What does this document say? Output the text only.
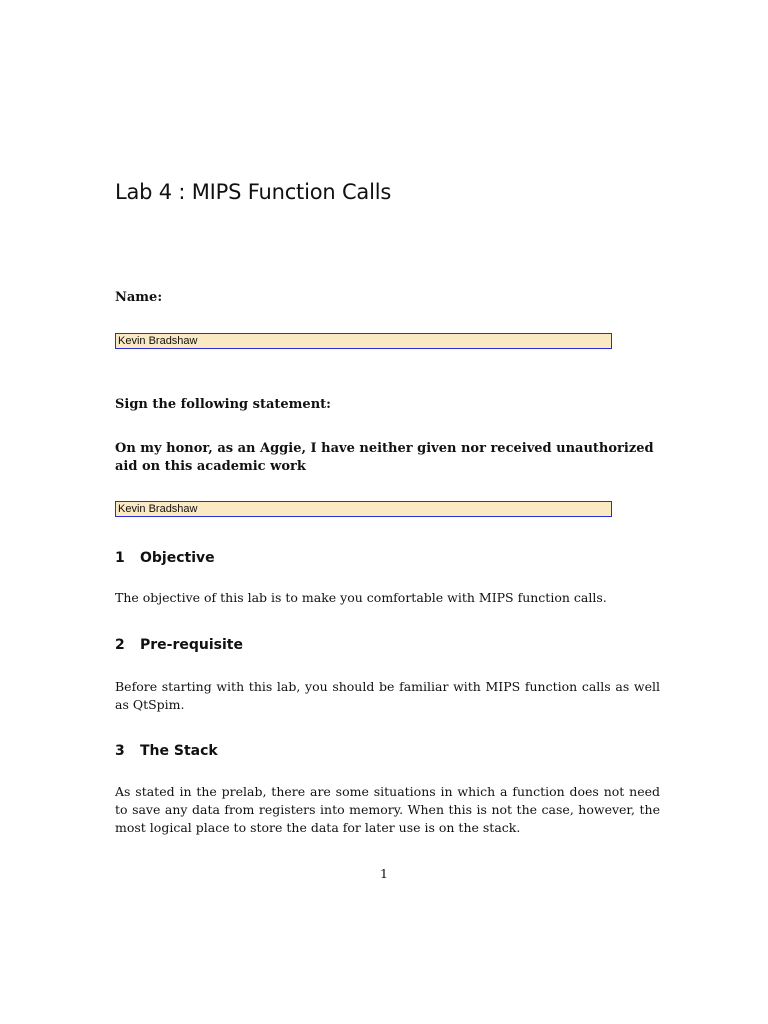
Lab 4 : MIPS Function Calls
Name:
Kevin Bradshaw
Sign the following statement:
On my honor, as an Aggie, I have neither given nor received unauthorized aid on this academic work
Kevin Bradshaw
1 Objective
The objective of this lab is to make you comfortable with MIPS function calls.
2 Pre-requisite
Before starting with this lab, you should be familiar with MIPS function calls as well as QtSpim.
3 The Stack
As stated in the prelab, there are some situations in which a function does not need to save any data from registers into memory. When this is not the case, however, the most logical place to store the data for later use is on the stack.
1
